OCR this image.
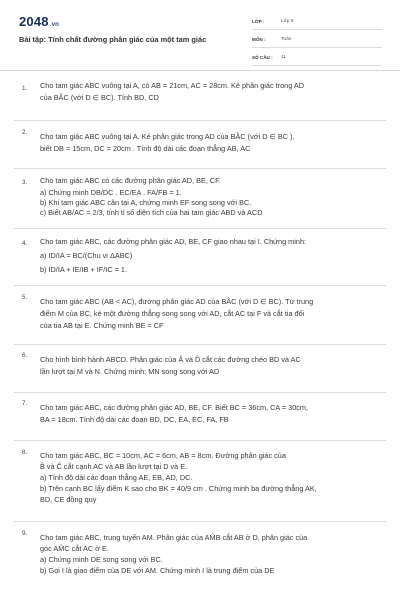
2048.vn
Bài tập: Tính chất đường phân giác của một tam giác
LỚP :	Lớp 8
MÔN :	Toán
SỐ CÂU :	11
1. Cho tam giác ABC vuông tại A, có AB = 21cm, AC = 28cm. Kẻ phân giác trong AD
của BÂC (với D ∈ BC). Tính BD, CD
2. Cho tam giác ABC vuông tại A. Kẻ phân giác trong AD của BÂC (với D ∈ BC ),
biết DB = 15cm, DC = 20cm . Tính độ dài các đoạn thẳng AB, AC
3. Cho tam giác ABC có các đường phân giác AD, BE, CF.
a) Chứng minh DB/DC . EC/EA . FA/FB = 1.
b) Khi tam giác ABC cân tại A, chứng minh EF song song với BC.
c) Biết AB/AC = 2/3, tính tỉ số diện tích của hai tam giác ABD và ACD
4. Cho tam giác ABC, các đường phân giác AD, BE, CF giao nhau tại I. Chứng minh:
a) ID/IA = BC/(Chu vi ΔABC)
b) ID/IA + IE/IB + IF/IC = 1.
5. Cho tam giác ABC (AB < AC), đường phân giác AD của BÂC (với D ∈ BC). Từ trung
điểm M của BC, kẻ một đường thẳng song song với AD, cắt AC tại F và cắt tia đối
của tia AB tại E. Chứng minh BE = CF
6. Cho hình bình hành ABCD. Phân giác của Â và D̂ cắt các đường chéo BD và AC
lần lượt tại M và N. Chứng minh: MN song song với AD
7. Cho tam giác ABC, các đường phân giác AD, BE, CF. Biết BC = 36cm, CA = 30cm,
BA = 18cm. Tính độ dài các đoạn BD, DC, EA, EC, FA, FB
8. Cho tam giác ABC, BC = 10cm, AC = 6cm, AB = 8cm. Đường phân giác của
B̂ và Ĉ cắt cạnh AC và AB lần lượt tại D và E.
a) Tính độ dài các đoạn thẳng AE, EB, AD, DC.
b) Trên cạnh BC lấy điểm K sao cho BK = 40/9 cm . Chứng minh ba đường thẳng AK,
BD, CE đồng quy
9. Cho tam giác ABC, trung tuyến AM. Phân giác của AM̂B cắt AB ở D, phân giác của
góc AM̂C cắt AC ở E.
a) Chứng minh DE song song với BC.
b) Gọi I là giao điểm của DE với AM. Chứng minh I là trung điểm của DE
